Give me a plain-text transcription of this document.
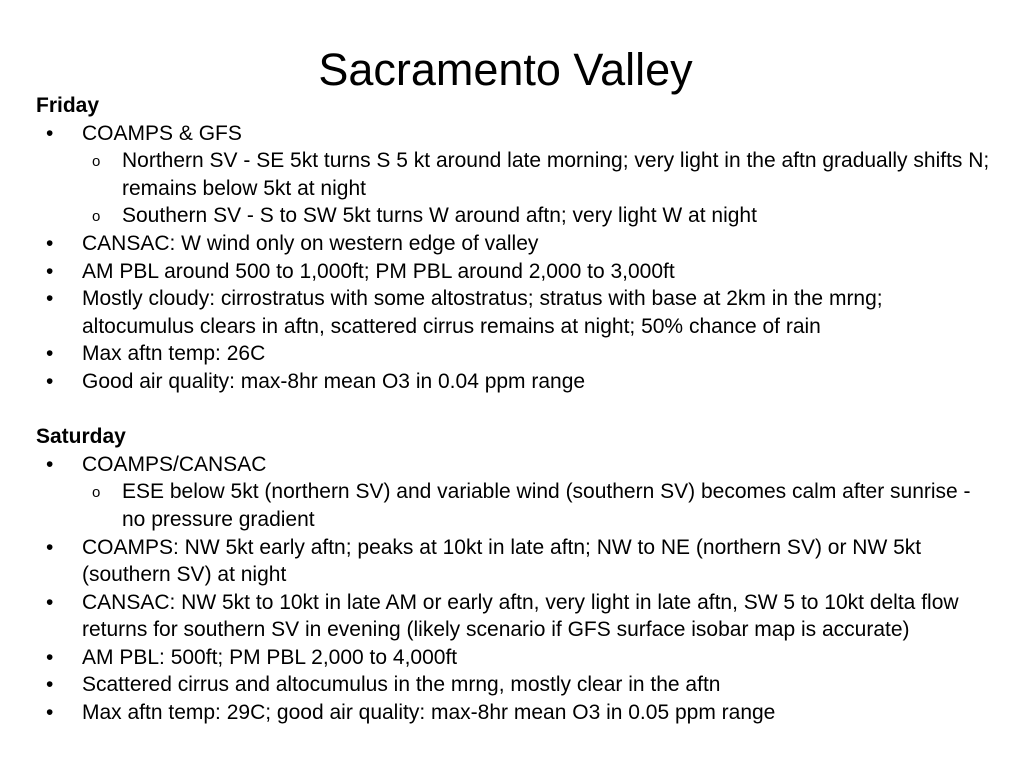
Sacramento Valley

Friday

• COAMPS & GFS
o Northern SV - SE 5kt turns S 5 kt around late morning; very light in the aftn gradually shifts N; remains below 5kt at night
o Southern SV - S to SW 5kt turns W around aftn; very light W at night
• CANSAC: W wind only on western edge of valley
• AM PBL around 500 to 1,000ft; PM PBL around 2,000 to 3,000ft
• Mostly cloudy: cirrostratus with some altostratus; stratus with base at 2km in the mrng; altocumulus clears in aftn, scattered cirrus remains at night; 50% chance of rain
• Max aftn temp: 26C
• Good air quality: max-8hr mean O3 in 0.04 ppm range

Saturday

• COAMPS/CANSAC
o ESE below 5kt (northern SV) and variable wind (southern SV) becomes calm after sunrise - no pressure gradient
• COAMPS: NW 5kt early aftn; peaks at 10kt in late aftn; NW to NE (northern SV) or NW 5kt (southern SV) at night
• CANSAC: NW 5kt to 10kt in late AM or early aftn, very light in late aftn, SW 5 to 10kt delta flow returns for southern SV in evening (likely scenario if GFS surface isobar map is accurate)
• AM PBL: 500ft; PM PBL 2,000 to 4,000ft
• Scattered cirrus and altocumulus in the mrng, mostly clear in the aftn
• Max aftn temp: 29C; good air quality: max-8hr mean O3 in 0.05 ppm range
